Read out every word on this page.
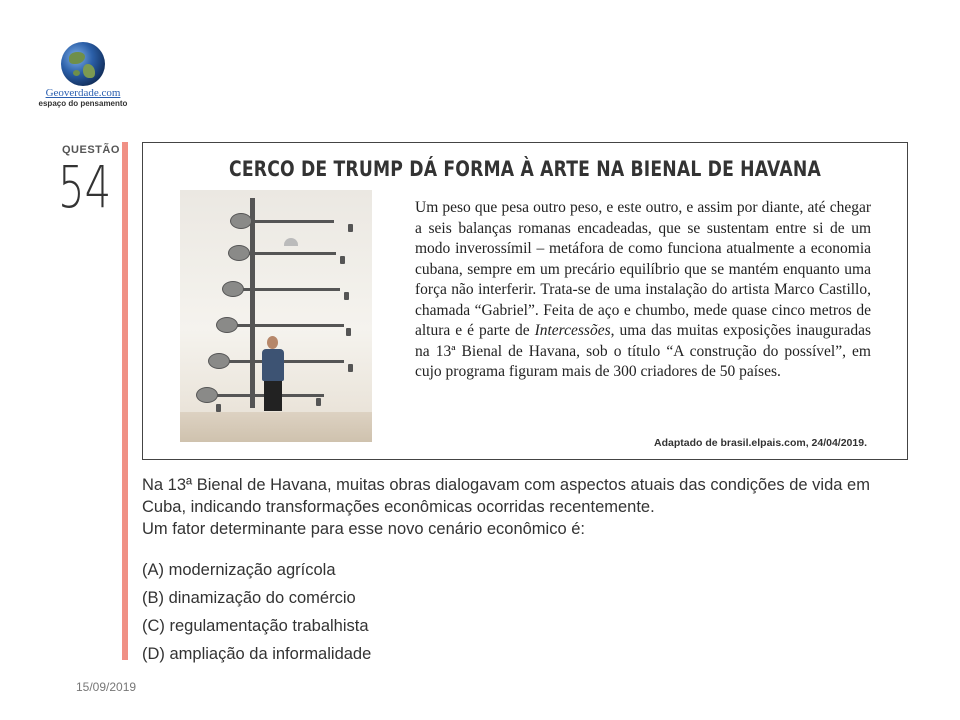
Geoverdade.com
espaço do pensamento
QUESTÃO
54	CERCO DE TRUMP DÁ FORMA À ARTE NA BIENAL DE HAVANA
Um peso que pesa outro peso, e este outro, e assim por diante, até chegar a seis balanças romanas encadeadas, que se sustentam entre si de um modo inverossímil – metáfora de como funciona atualmente a economia cubana, sempre em um precário equilíbrio que se mantém enquanto uma força não interferir. Trata-se de uma instalação do artista Marco Castillo, chamada “Gabriel”. Feita de aço e chumbo, mede quase cinco metros de altura e é parte de Intercessões, uma das muitas exposições inauguradas na 13ª Bienal de Havana, sob o título “A construção do possível”, em cujo programa figuram mais de 300 criadores de 50 países.
Adaptado de brasil.elpais.com, 24/04/2019.

Na 13ª Bienal de Havana, muitas obras dialogavam com aspectos atuais das condições de vida em Cuba, indicando transformações econômicas ocorridas recentemente.

Um fator determinante para esse novo cenário econômico é:

(A) modernização agrícola
(B) dinamização do comércio
(C) regulamentação trabalhista
(D) ampliação da informalidade
15/09/2019
